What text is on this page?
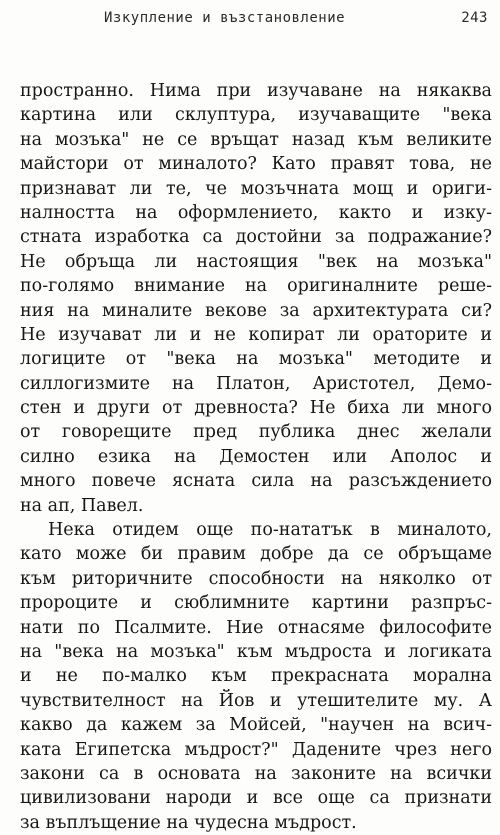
Изкупление и възстановление	243
пространно. Нима при изучаване на някаква
картина или склуптура, изучаващите "века
на мозъка" не се връщат назад към великите
майстори от миналото? Като правят това, не
признават ли те, че мозъчната мощ и ориги-
налността на оформлението, както и изку-
стната изработка са достойни за подражание?
Не обръща ли настоящия "век на мозъка"
по-голямо внимание на оригиналните реше-
ния на миналите векове за архитектурата си?
Не изучават ли и не копират ли ораторите и
логиците от "века на мозъка" методите и
силлогизмите на Платон, Аристотел, Демо-
стен и други от древноста? Не биха ли много
от говорещите пред публика днес желали
силно езика на Демостен или Аполос и
много повече ясната сила на разсъждението
на ап, Павел.
Нека отидем още по-нататък в миналото,
като може би правим добре да се обръщаме
към риторичните способности на няколко от
пророците и сюблимните картини разпръс-
нати по Псалмите. Ние отнасяме философите
на "века на мозъка" към мъдроста и логиката
и не по-малко към прекрасната морална
чувствителност на Йов и утешителите му. А
какво да кажем за Мойсей, "научен на всич-
ката Египетска мъдрост?" Дадените чрез него
закони са в основата на законите на всички
цивилизовани народи и все още са признати
за въплъщение на чудесна мъдрост.
